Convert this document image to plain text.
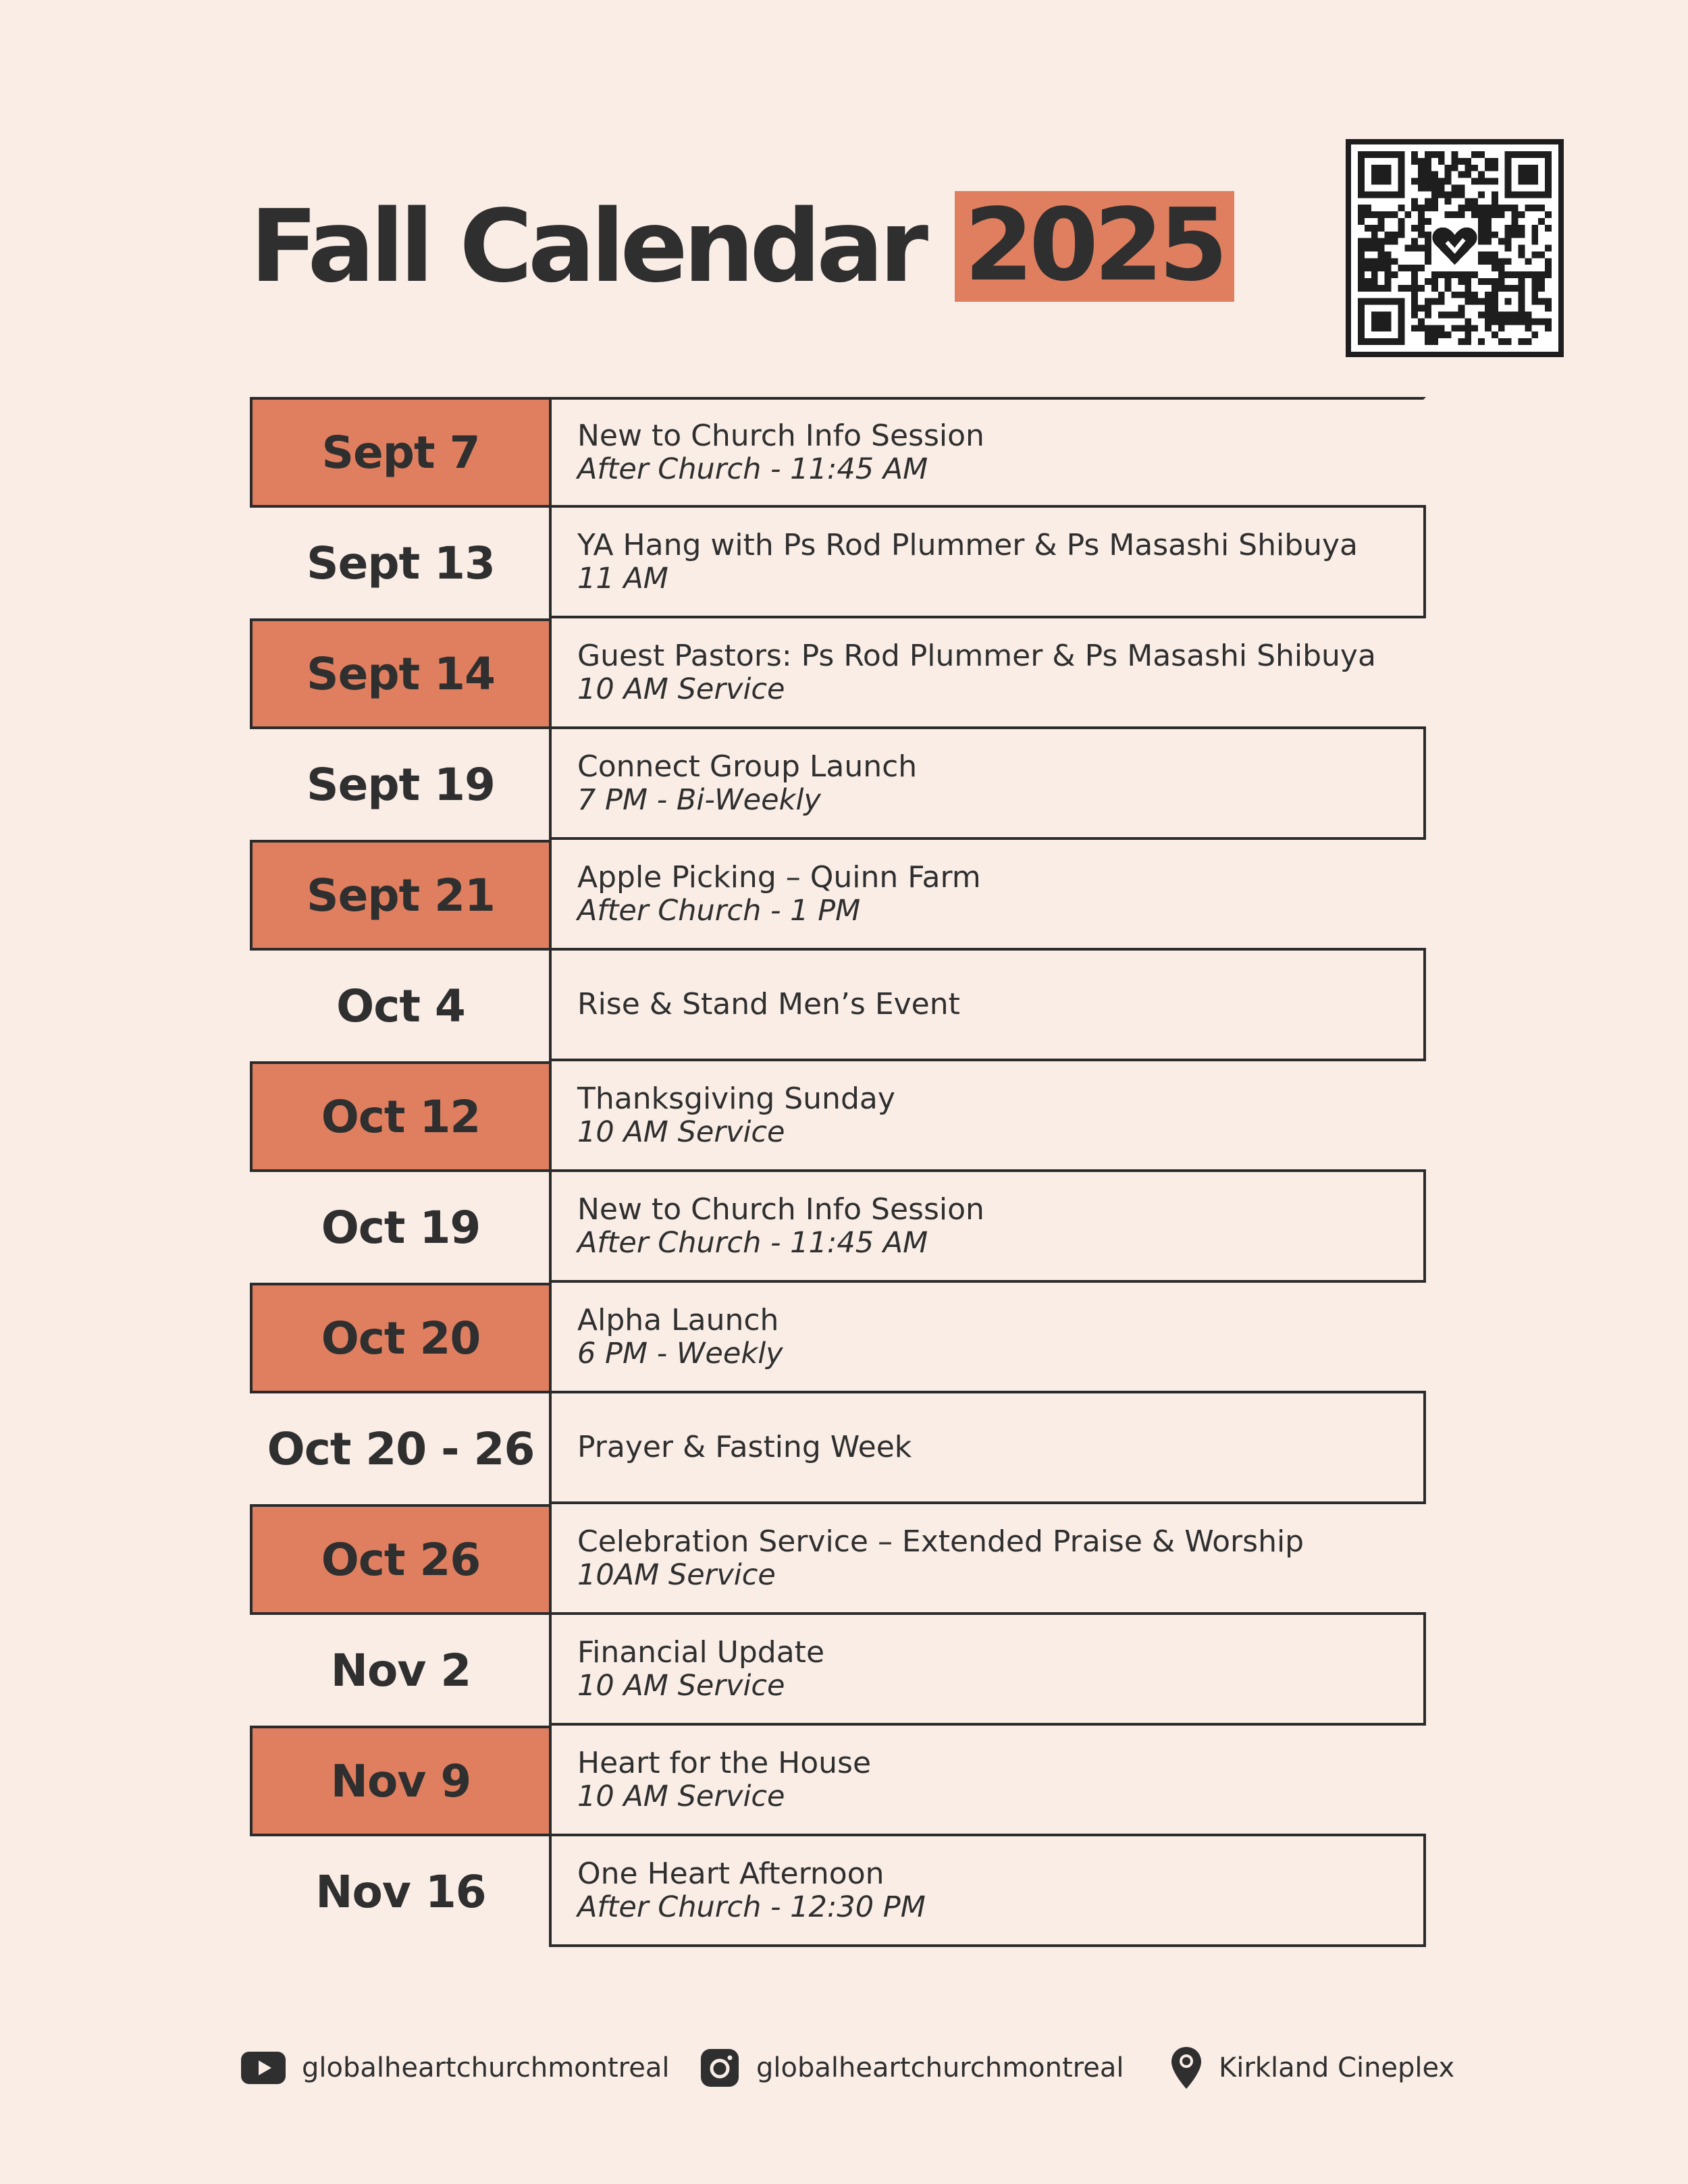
Fall Calendar 2025
Sept 7	New to Church Info Session
After Church - 11:45 AM
Sept 13	YA Hang with Ps Rod Plummer & Ps Masashi Shibuya
11 AM
Sept 14	Guest Pastors: Ps Rod Plummer & Ps Masashi Shibuya
10 AM Service
Sept 19	Connect Group Launch
7 PM - Bi-Weekly
Sept 21	Apple Picking – Quinn Farm
After Church - 1 PM
Oct 4	Rise & Stand Men’s Event
Oct 12	Thanksgiving Sunday
10 AM Service
Oct 19	New to Church Info Session
After Church - 11:45 AM
Oct 20	Alpha Launch
6 PM - Weekly
Oct 20 - 26	Prayer & Fasting Week
Oct 26	Celebration Service – Extended Praise & Worship
10AM Service
Nov 2	Financial Update
10 AM Service
Nov 9	Heart for the House
10 AM Service
Nov 16	One Heart Afternoon
After Church - 12:30 PM
globalheartchurchmontreal	globalheartchurchmontreal	Kirkland Cineplex
